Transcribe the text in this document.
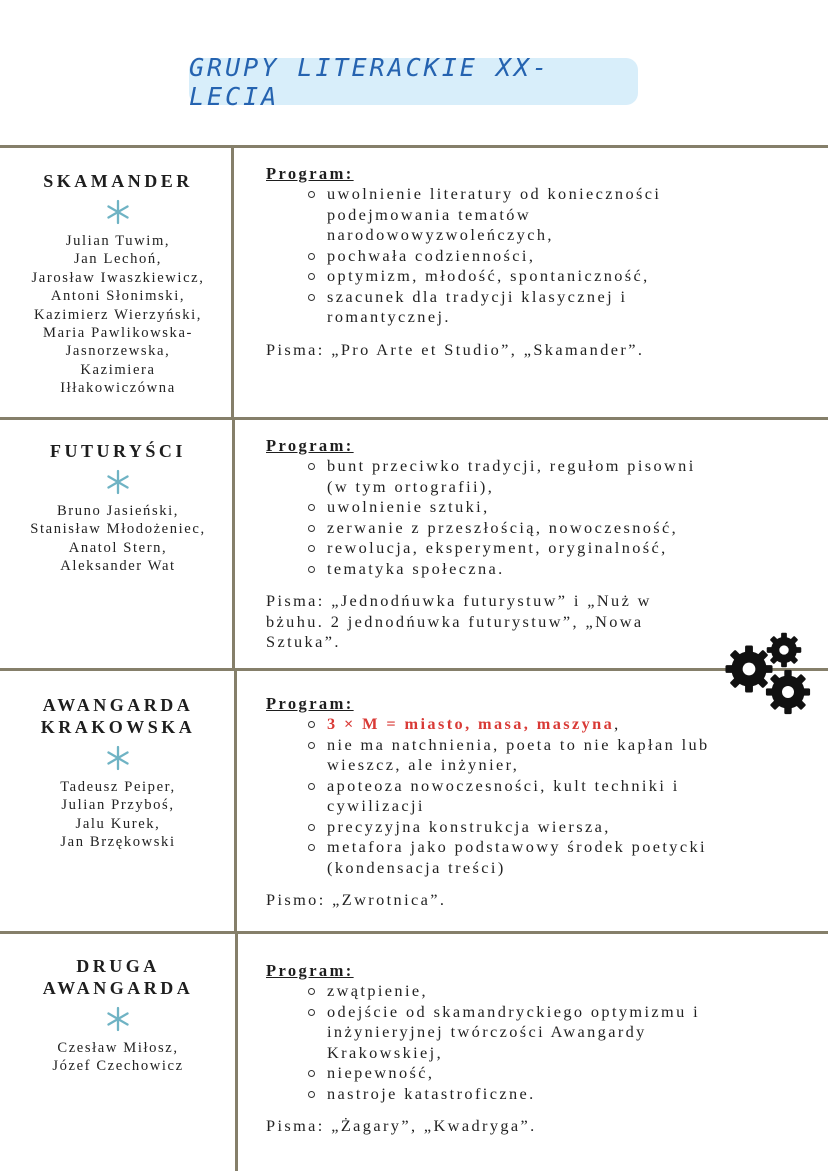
GRUPY LITERACKIE XX-LECIA
SKAMANDER
Julian Tuwim,
Jan Lechoń,
Jarosław Iwaszkiewicz,
Antoni Słonimski,
Kazimierz Wierzyński,
Maria Pawlikowska-
Jasnorzewska,
Kazimiera
Iłłakowiczówna
Program:
uwolnienie literatury od konieczności
podejmowania tematów
narodowowyzwoleńczych,
pochwała codzienności,
optymizm, młodość, spontaniczność,
szacunek dla tradycji klasycznej i
romantycznej.
Pisma: „Pro Arte et Studio”, „Skamander”.
FUTURYŚCI
Bruno Jasieński,
Stanisław Młodożeniec,
Anatol Stern,
Aleksander Wat
Program:
bunt przeciwko tradycji, regułom pisowni
(w tym ortografii),
uwolnienie sztuki,
zerwanie z przeszłością, nowoczesność,
rewolucja, eksperyment, oryginalność,
tematyka społeczna.
Pisma: „Jednodńuwka futurystuw” i „Nuż w
bżuhu. 2 jednodńuwka futurystuw”, „Nowa
Sztuka”.
AWANGARDA
KRAKOWSKA
Tadeusz Peiper,
Julian Przyboś,
Jalu Kurek,
Jan Brzękowski
Program:
3 × M = miasto, masa, maszyna ,
nie ma natchnienia, poeta to nie kapłan lub
wieszcz, ale inżynier,
apoteoza nowoczesności, kult techniki i
cywilizacji
precyzyjna konstrukcja wiersza,
metafora jako podstawowy środek poetycki
(kondensacja treści)
Pismo: „Zwrotnica”.
DRUGA
AWANGARDA
Czesław Miłosz,
Józef Czechowicz
Program:
zwątpienie,
odejście od skamandryckiego optymizmu i
inżynieryjnej twórczości Awangardy
Krakowskiej,
niepewność,
nastroje katastroficzne.
Pisma: „Żagary”, „Kwadryga”.
